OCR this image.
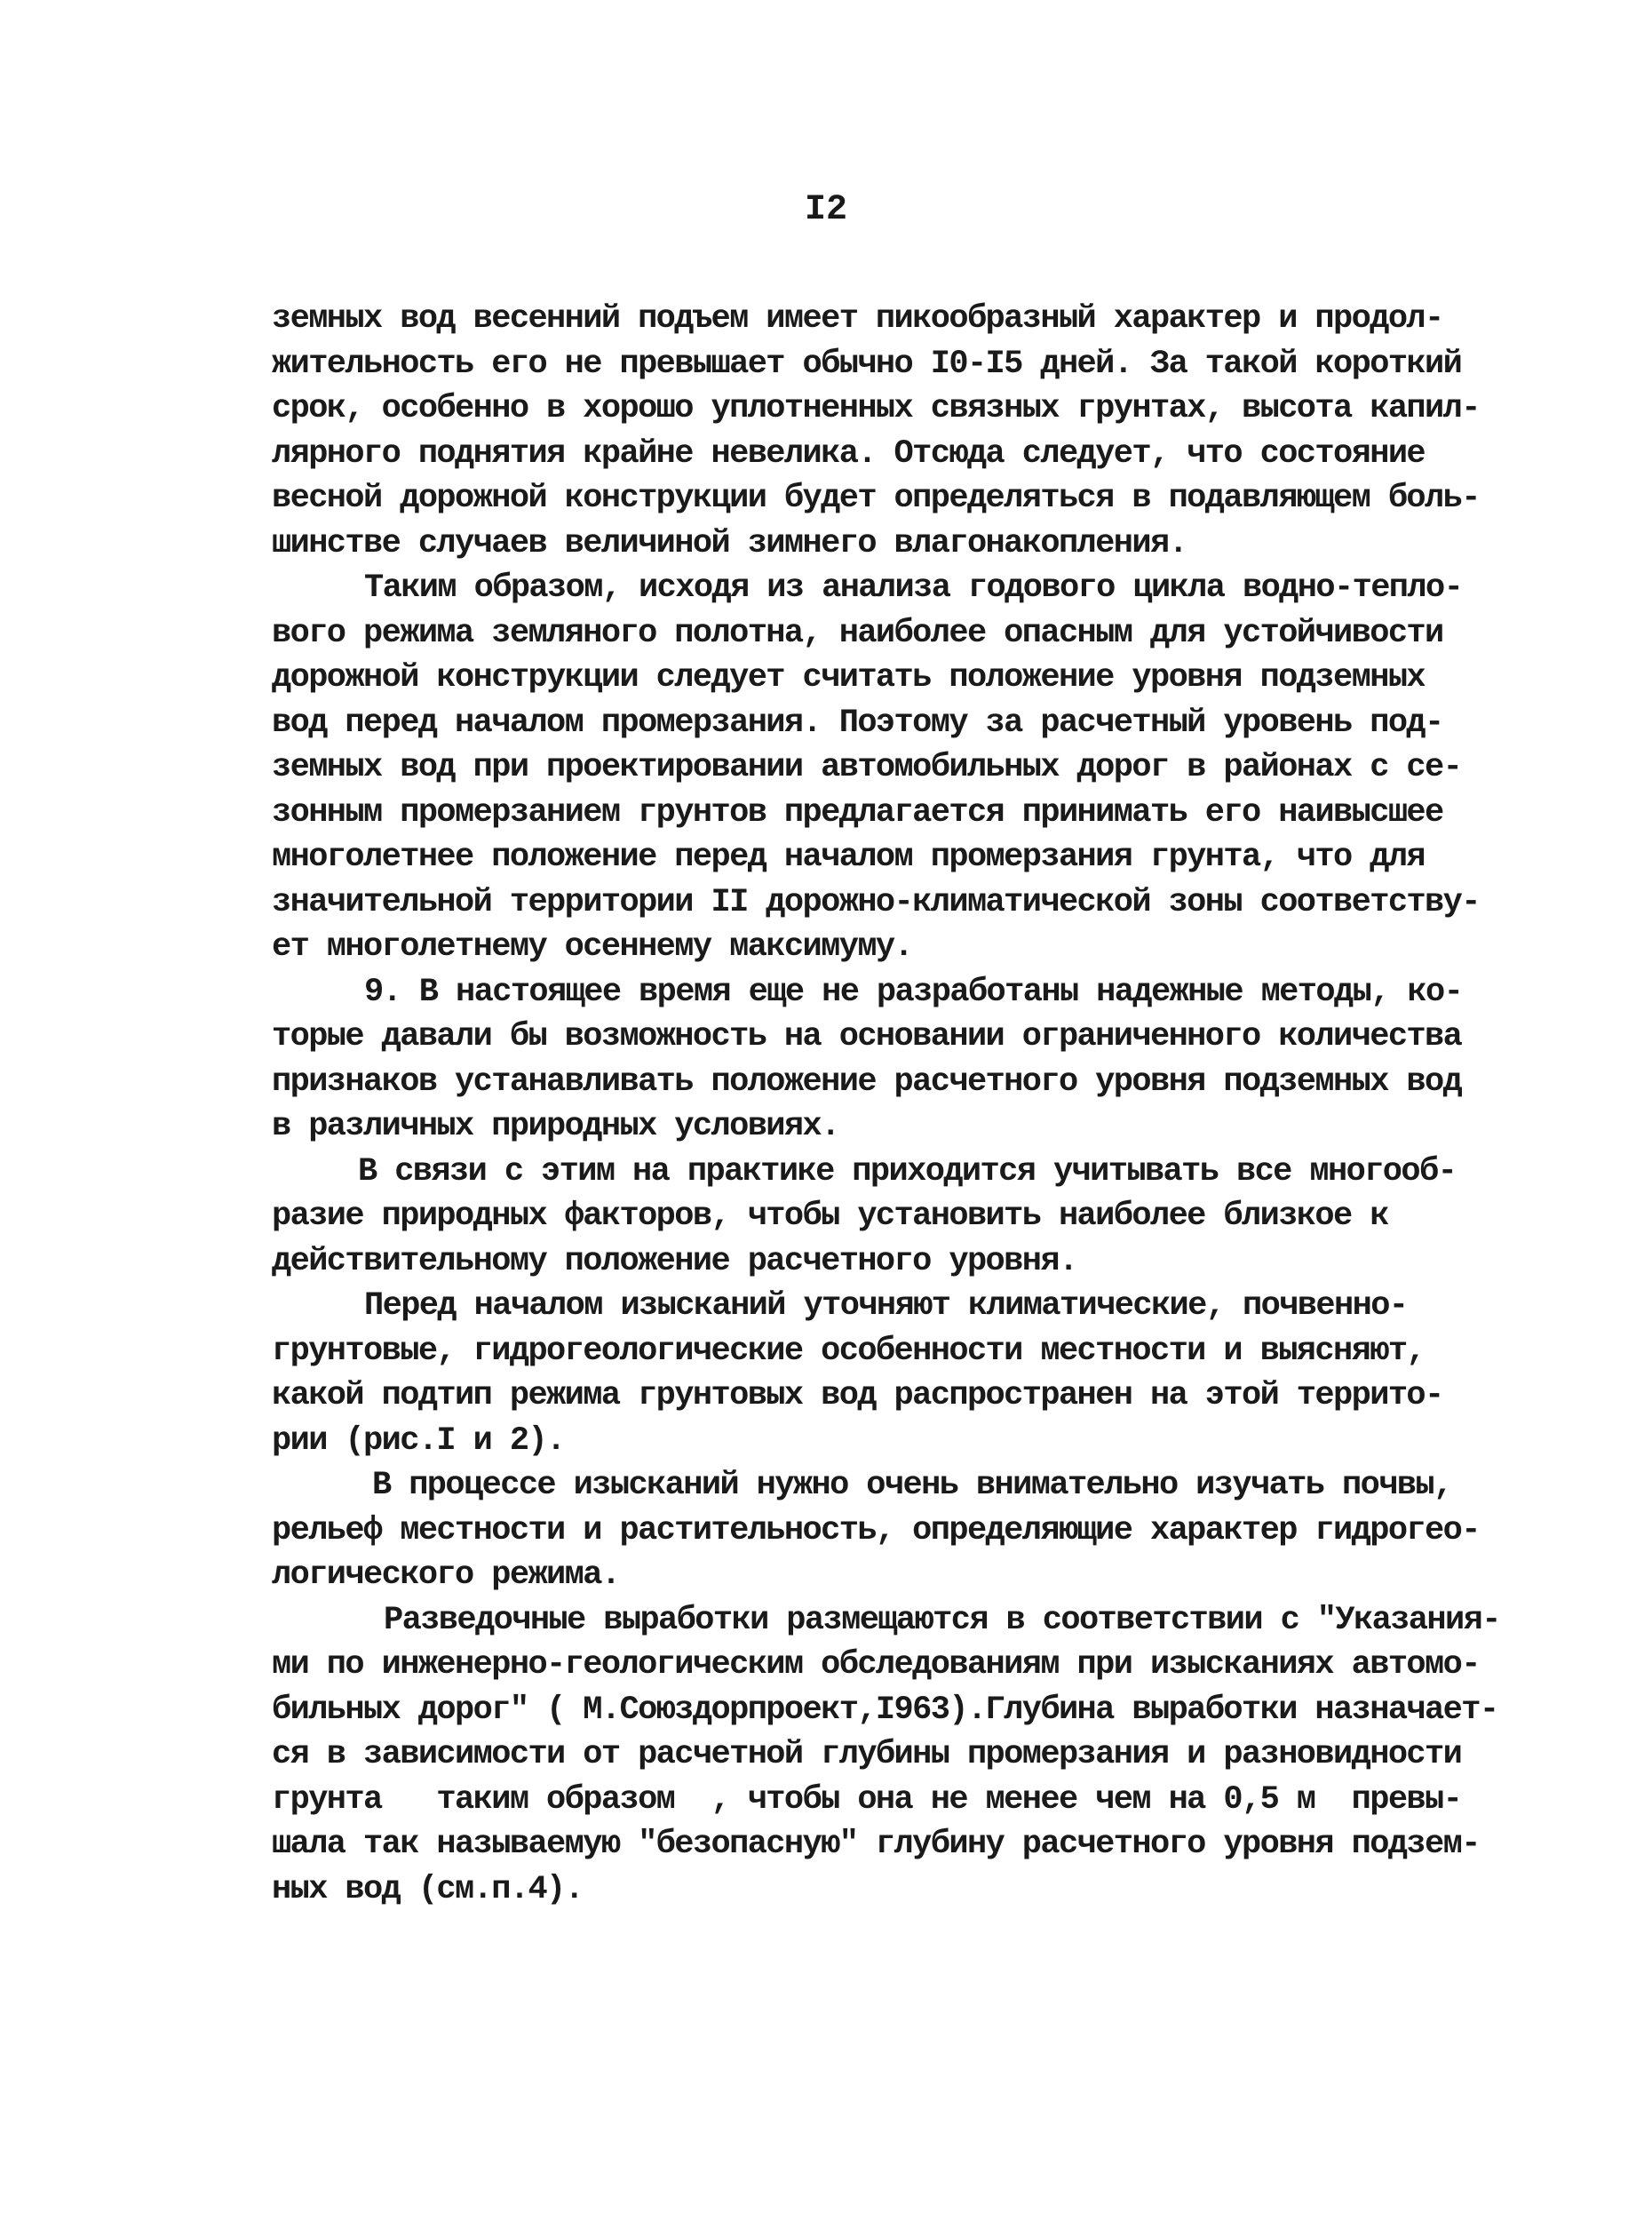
I2
земных вод весенний подъем имеет пикообразный характер и продол-
жительность его не превышает обычно I0-I5 дней. За такой короткий
срок, особенно в хорошо уплотненных связных грунтах, высота капил-
лярного поднятия крайне невелика. Отсюда следует, что состояние
весной дорожной конструкции будет определяться в подавляющем боль-
шинстве случаев величиной зимнего влагонакопления.
Таким образом, исходя из анализа годового цикла водно-тепло-
вого режима земляного полотна, наиболее опасным для устойчивости
дорожной конструкции следует считать положение уровня подземных
вод перед началом промерзания. Поэтому за расчетный уровень под-
земных вод при проектировании автомобильных дорог в районах с се-
зонным промерзанием грунтов предлагается принимать его наивысшее
многолетнее положение перед началом промерзания грунта, что для
значительной территории II дорожно-климатической зоны соответству-
ет многолетнему осеннему максимуму.
9. В настоящее время еще не разработаны надежные методы, ко-
торые давали бы возможность на основании ограниченного количества
признаков устанавливать положение расчетного уровня подземных вод
в различных природных условиях.
В связи с этим на практике приходится учитывать все многооб-
разие природных факторов, чтобы установить наиболее близкое к
действительному положение расчетного уровня.
Перед началом изысканий уточняют климатические, почвенно-
грунтовые, гидрогеологические особенности местности и выясняют,
какой подтип режима грунтовых вод распространен на этой террито-
рии (рис.I и 2).
В процессе изысканий нужно очень внимательно изучать почвы,
рельеф местности и растительность, определяющие характер гидрогео-
логического режима.
Разведочные выработки размещаются в соответствии с "Указания-
ми по инженерно-геологическим обследованиям при изысканиях автомо-
бильных дорог" ( М.Союздорпроект,I963).Глубина выработки назначает-
ся в зависимости от расчетной глубины промерзания и разновидности
грунта   таким образом  , чтобы она не менее чем на 0,5 м  превы-
шала так называемую "безопасную" глубину расчетного уровня подзем-
ных вод (см.п.4).
